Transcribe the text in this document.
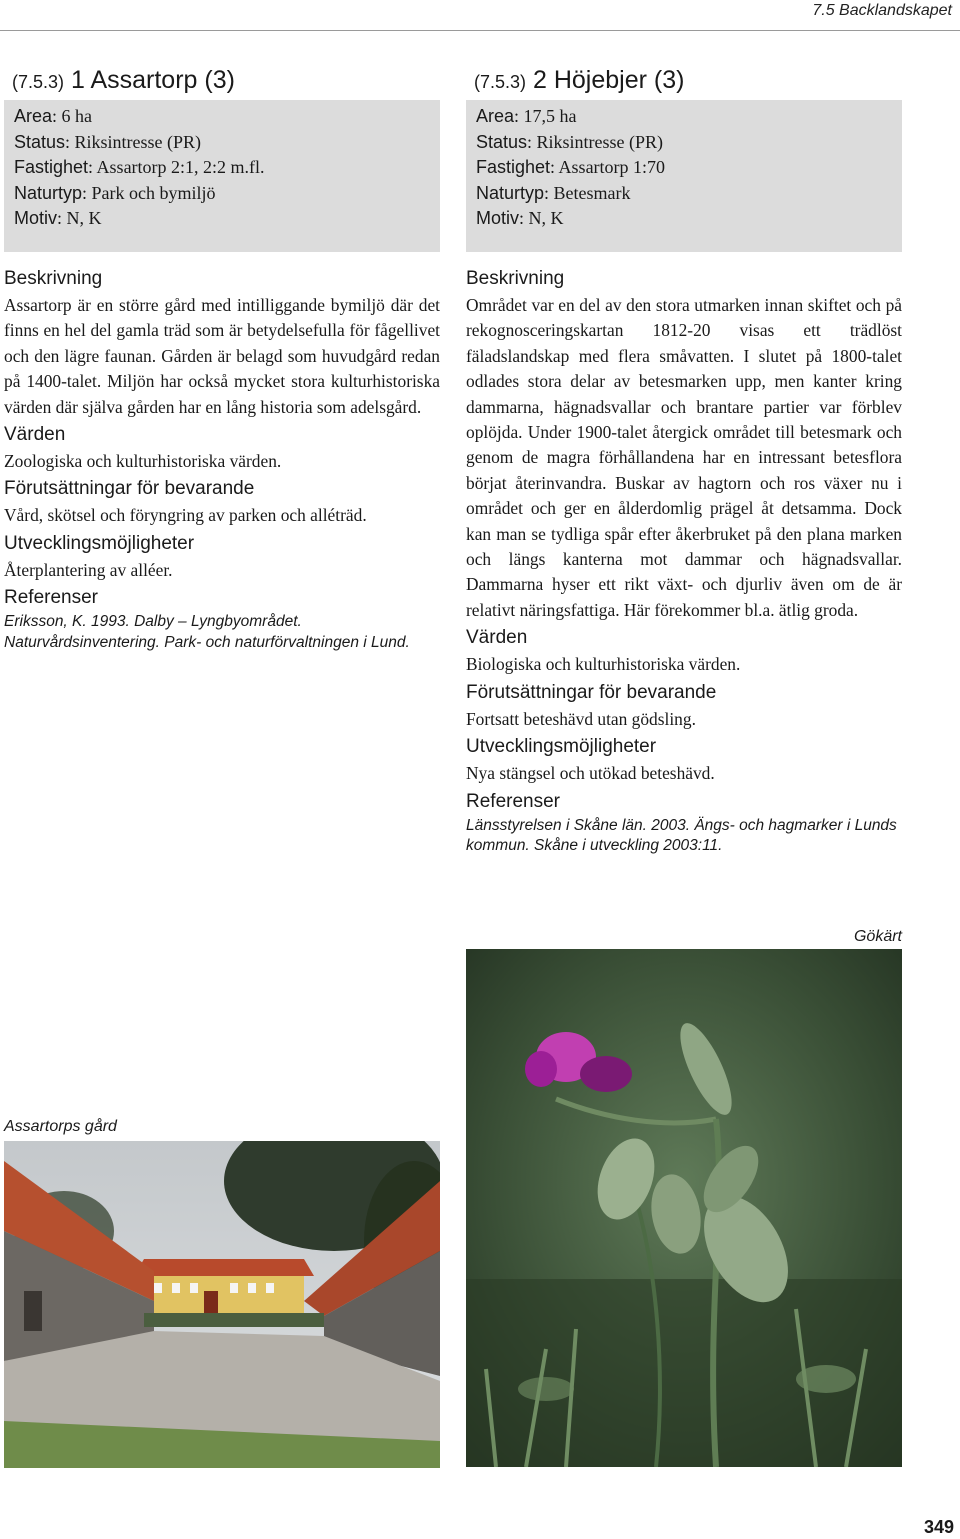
7.5 Backlandskapet
(7.5.3) 1 Assartorp (3)
Area: 6 ha
Status: Riksintresse (PR)
Fastighet: Assartorp 2:1, 2:2 m.fl.
Naturtyp: Park och bymiljö
Motiv: N, K
Beskrivning

Assartorp är en större gård med intilliggande bymiljö där det finns en hel del gamla träd som är betydelsefulla för fågellivet och den lägre faunan. Gården är belagd som huvudgård redan på 1400-talet. Miljön har också mycket stora kulturhistoriska värden där själva gården har en lång historia som adelsgård.

Värden

Zoologiska och kulturhistoriska värden.

Förutsättningar för bevarande

Vård, skötsel och föryngring av parken och alléträd.

Utvecklingsmöjligheter

Återplantering av alléer.

Referenser

Eriksson, K. 1993. Dalby – Lyngbyområdet. Naturvårdsinventering. Park- och naturförvaltningen i Lund.

(7.5.3) 2 Höjebjer (3)
Area: 17,5 ha
Status: Riksintresse (PR)
Fastighet: Assartorp 1:70
Naturtyp: Betesmark
Motiv: N, K
Beskrivning

Området var en del av den stora utmarken innan skiftet och på rekognosceringskartan 1812-20 visas ett trädlöst fäladslandskap med flera småvatten. I slutet på 1800-talet odlades stora delar av betesmarken upp, men kanter kring dammarna, hägnadsvallar och brantare partier var förblev oplöjda. Under 1900-talet återgick området till betesmark och genom de magra förhållandena har en intressant betesflora börjat återinvandra. Buskar av hagtorn och ros växer nu i området och ger en ålderdomlig prägel åt detsamma. Dock kan man se tydliga spår efter åkerbruket på den plana marken och längs kanterna mot dammar och hägnadsvallar. Dammarna hyser ett rikt växt- och djurliv även om de är relativt näringsfattiga. Här förekommer bl.a. ätlig groda.

Värden

Biologiska och kulturhistoriska värden.

Förutsättningar för bevarande

Fortsatt beteshävd utan gödsling.

Utvecklingsmöjligheter

Nya stängsel och utökad beteshävd.

Referenser

Länsstyrelsen i Skåne län. 2003. Ängs- och hagmarker i Lunds kommun. Skåne i utveckling 2003:11.

Gökärt
Assartorps gård
349
